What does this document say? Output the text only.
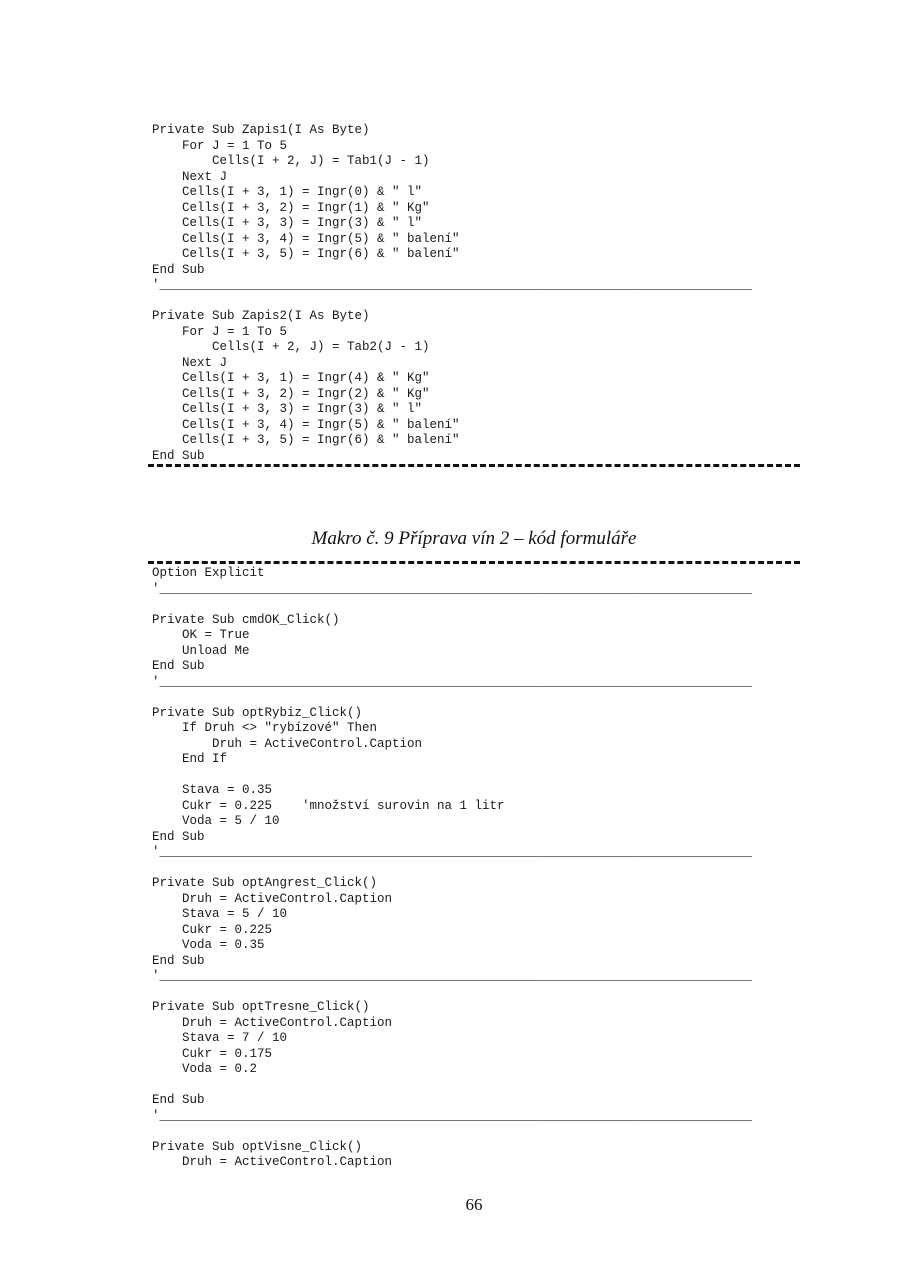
Private Sub Zapis1(I As Byte)
For J = 1 To 5
Cells(I + 2, J) = Tab1(J - 1)
Next J
Cells(I + 3, 1) = Ingr(0) & " l"
Cells(I + 3, 2) = Ingr(1) & " Kg"
Cells(I + 3, 3) = Ingr(3) & " l"
Cells(I + 3, 4) = Ingr(5) & " balení"
Cells(I + 3, 5) = Ingr(6) & " balení"
End Sub
'_______________________________________________________________________________

Private Sub Zapis2(I As Byte)
For J = 1 To 5
Cells(I + 2, J) = Tab2(J - 1)
Next J
Cells(I + 3, 1) = Ingr(4) & " Kg"
Cells(I + 3, 2) = Ingr(2) & " Kg"
Cells(I + 3, 3) = Ingr(3) & " l"
Cells(I + 3, 4) = Ingr(5) & " balení"
Cells(I + 3, 5) = Ingr(6) & " balení"
End Sub
Makro č. 9 Příprava vín 2 – kód formuláře
Option Explicit
'_______________________________________________________________________________

Private Sub cmdOK_Click()
OK = True
Unload Me
End Sub
'_______________________________________________________________________________

Private Sub optRybiz_Click()
If Druh <> "rybízové" Then
Druh = ActiveControl.Caption
End If

Stava = 0.35
Cukr = 0.225    'množství surovin na 1 litr
Voda = 5 / 10
End Sub
'_______________________________________________________________________________

Private Sub optAngrest_Click()
Druh = ActiveControl.Caption
Stava = 5 / 10
Cukr = 0.225
Voda = 0.35
End Sub
'_______________________________________________________________________________

Private Sub optTresne_Click()
Druh = ActiveControl.Caption
Stava = 7 / 10
Cukr = 0.175
Voda = 0.2

End Sub
'_______________________________________________________________________________

Private Sub optVisne_Click()
Druh = ActiveControl.Caption
66
